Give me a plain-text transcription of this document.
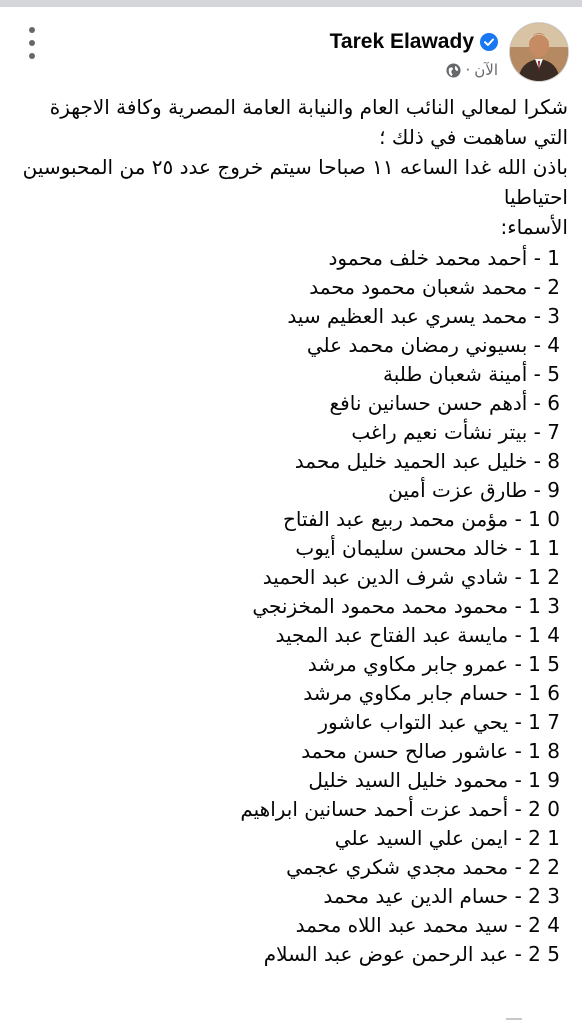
Tarek Elawady
الآن
·
شكرا لمعالي النائب العام والنيابة العامة المصرية وكافة الاجهزة التي ساهمت في ذلك ؛
باذن الله غدا الساعه ١١ صباحا سيتم خروج عدد ٢٥ من المحبوسين احتياطيا
الأسماء:
1 - أحمد محمد خلف محمود
2 - محمد شعبان محمود محمد
3 - محمد يسري عبد العظيم سيد
4 - بسيوني رمضان محمد علي
5 - أمينة شعبان طلبة
6 - أدهم حسن حسانين نافع
7 - بيتر نشأت نعيم راغب
8 - خليل عبد الحميد خليل محمد
9 - طارق عزت أمين
0 1 - مؤمن محمد ربيع عبد الفتاح
1 1 - خالد محسن سليمان أيوب
2 1 - شادي شرف الدين عبد الحميد
3 1 - محمود محمد محمود المخزنجي
4 1 - مايسة عبد الفتاح عبد المجيد
5 1 - عمرو جابر مكاوي مرشد
6 1 - حسام جابر مكاوي مرشد
7 1 - يحي عبد التواب عاشور
8 1 - عاشور صالح حسن محمد
9 1 - محمود خليل السيد خليل
0 2 - أحمد عزت أحمد حسانين ابراهيم
1 2 - ايمن علي السيد علي
2 2 - محمد مجدي شكري عجمي
3 2 - حسام الدين عيد محمد
4 2 - سيد محمد عبد اللاه محمد
5 2 - عبد الرحمن عوض عبد السلام
